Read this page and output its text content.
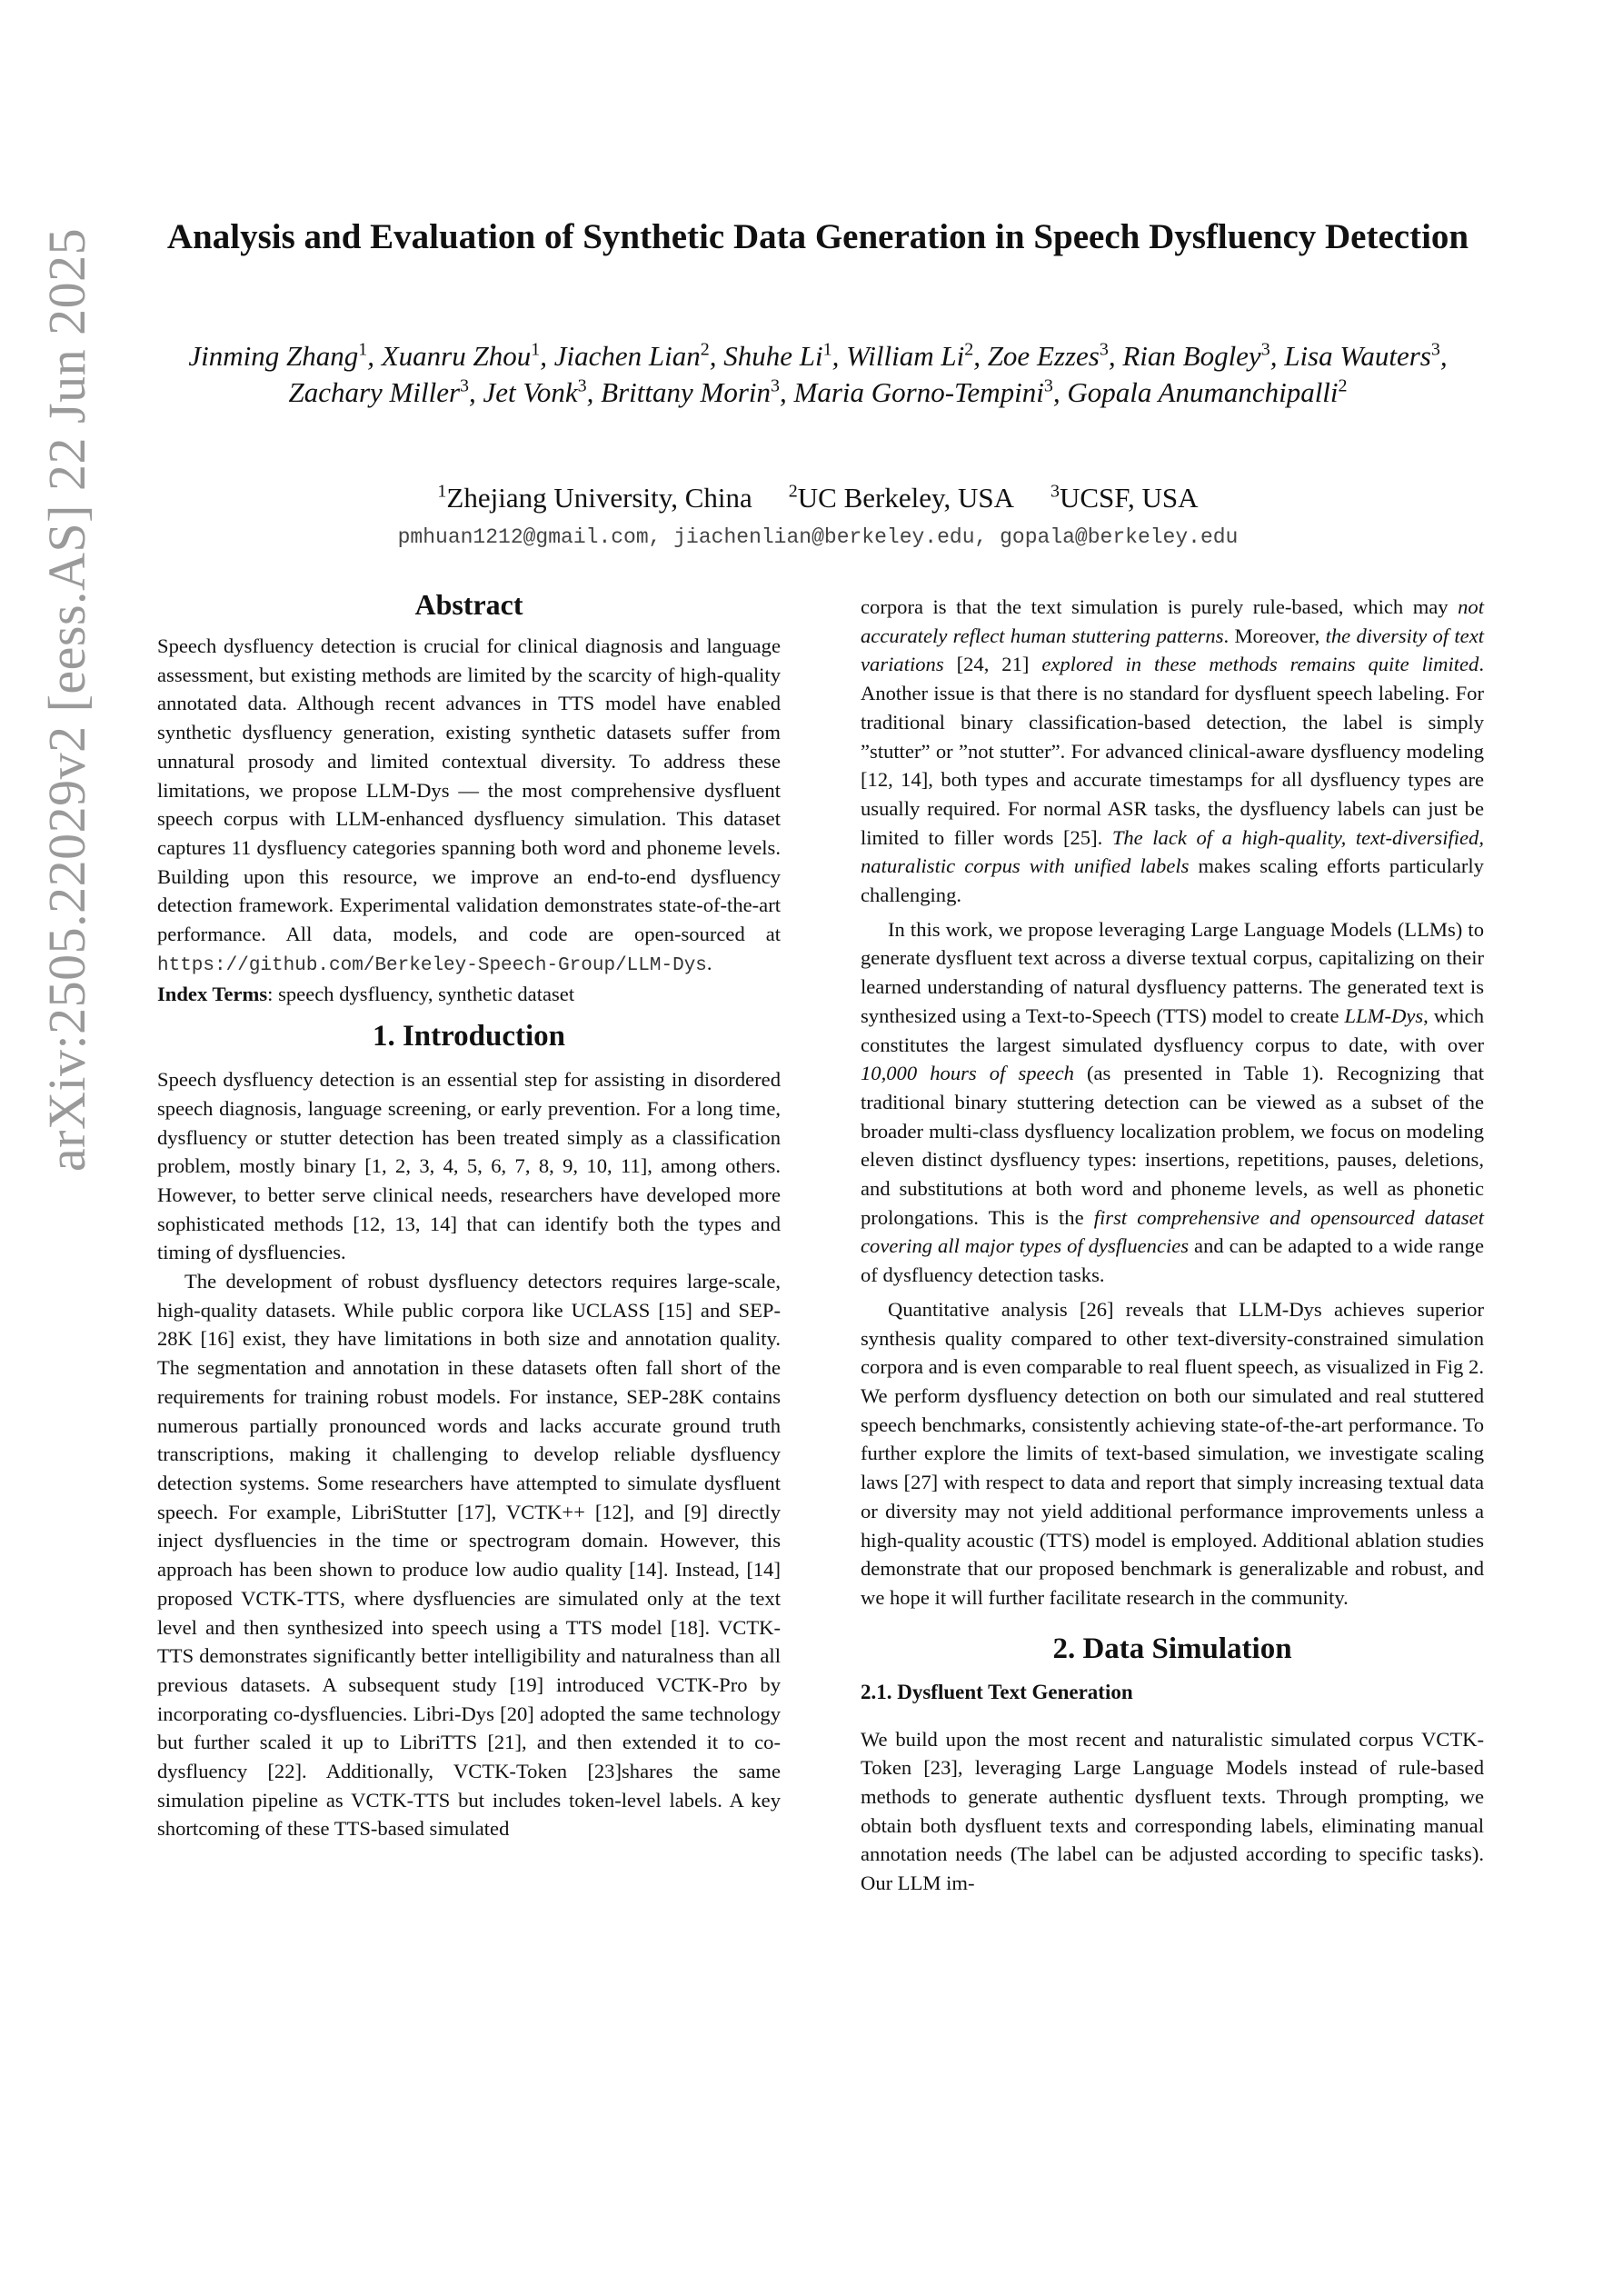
arXiv:2505.22029v2 [eess.AS] 22 Jun 2025 Analysis and Evaluation of Synthetic Data Generation in Speech Dysfluency Detection
Jinming Zhang$^1$, Xuanru Zhou$^1$, Jiachen Lian$^2$, Shuhe Li$^1$, William Li$^2$, Zoe Ezzes$^3$, Rian Bogley$^3$, Lisa Wauters$^3$, Zachary Miller$^3$, Jet Vonk$^3$, Brittany Morin$^3$, Maria Gorno-Tempini$^3$, Gopala Anumanchipalli$^2$
$^1$Zhejiang University, China $^2$UC Berkeley, USA $^3$UCSF, USA
pmhuan1212@gmail.com, jiachenlian@berkeley.edu, gopala@berkeley.edu
Abstract

Speech dysfluency detection is crucial for clinical diagnosis and language assessment, but existing methods are limited by the scarcity of high-quality annotated data. Although recent advances in TTS model have enabled synthetic dysfluency generation, existing synthetic datasets suffer from unnatural prosody and limited contextual diversity. To address these limitations, we propose LLM-Dys — the most comprehensive dysfluent speech corpus with LLM-enhanced dysfluency simulation. This dataset captures 11 dysfluency categories spanning both word and phoneme levels. Building upon this resource, we improve an end-to-end dysfluency detection framework. Experimental validation demonstrates state-of-the-art performance. All data, models, and code are open-sourced at https://github.com/Berkeley-Speech-Group/LLM-Dys.

Index Terms: speech dysfluency, synthetic dataset

1. Introduction

Speech dysfluency detection is an essential step for assisting in disordered speech diagnosis, language screening, or early prevention. For a long time, dysfluency or stutter detection has been treated simply as a classification problem, mostly binary [1, 2, 3, 4, 5, 6, 7, 8, 9, 10, 11], among others. However, to better serve clinical needs, researchers have developed more sophisticated methods [12, 13, 14] that can identify both the types and timing of dysfluencies.

The development of robust dysfluency detectors requires large-scale, high-quality datasets. While public corpora like UCLASS [15] and SEP-28K [16] exist, they have limitations in both size and annotation quality. The segmentation and annotation in these datasets often fall short of the requirements for training robust models. For instance, SEP-28K contains numerous partially pronounced words and lacks accurate ground truth transcriptions, making it challenging to develop reliable dysfluency detection systems. Some researchers have attempted to simulate dysfluent speech. For example, LibriStutter [17], VCTK++ [12], and [9] directly inject dysfluencies in the time or spectrogram domain. However, this approach has been shown to produce low audio quality [14]. Instead, [14] proposed VCTK-TTS, where dysfluencies are simulated only at the text level and then synthesized into speech using a TTS model [18]. VCTK-TTS demonstrates significantly better intelligibility and naturalness than all previous datasets. A subsequent study [19] introduced VCTK-Pro by incorporating co-dysfluencies. Libri-Dys [20] adopted the same technology but further scaled it up to LibriTTS [21], and then extended it to co-dysfluency [22]. Additionally, VCTK-Token [23]shares the same simulation pipeline as VCTK-TTS but includes token-level labels. A key shortcoming of these TTS-based simulated

corpora is that the text simulation is purely rule-based, which may not accurately reflect human stuttering patterns. Moreover, the diversity of text variations [24, 21] explored in these methods remains quite limited. Another issue is that there is no standard for dysfluent speech labeling. For traditional binary classification-based detection, the label is simply ”stutter” or ”not stutter”. For advanced clinical-aware dysfluency modeling [12, 14], both types and accurate timestamps for all dysfluency types are usually required. For normal ASR tasks, the dysfluency labels can just be limited to filler words [25]. The lack of a high-quality, text-diversified, naturalistic corpus with unified labels makes scaling efforts particularly challenging.

In this work, we propose leveraging Large Language Models (LLMs) to generate dysfluent text across a diverse textual corpus, capitalizing on their learned understanding of natural dysfluency patterns. The generated text is synthesized using a Text-to-Speech (TTS) model to create LLM-Dys, which constitutes the largest simulated dysfluency corpus to date, with over 10,000 hours of speech (as presented in Table 1). Recognizing that traditional binary stuttering detection can be viewed as a subset of the broader multi-class dysfluency localization problem, we focus on modeling eleven distinct dysfluency types: insertions, repetitions, pauses, deletions, and substitutions at both word and phoneme levels, as well as phonetic prolongations. This is the first comprehensive and opensourced dataset covering all major types of dysfluencies and can be adapted to a wide range of dysfluency detection tasks.

Quantitative analysis [26] reveals that LLM-Dys achieves superior synthesis quality compared to other text-diversity-constrained simulation corpora and is even comparable to real fluent speech, as visualized in Fig 2. We perform dysfluency detection on both our simulated and real stuttered speech benchmarks, consistently achieving state-of-the-art performance. To further explore the limits of text-based simulation, we investigate scaling laws [27] with respect to data and report that simply increasing textual data or diversity may not yield additional performance improvements unless a high-quality acoustic (TTS) model is employed. Additional ablation studies demonstrate that our proposed benchmark is generalizable and robust, and we hope it will further facilitate research in the community.

2. Data Simulation
2.1. Dysfluent Text Generation

We build upon the most recent and naturalistic simulated corpus VCTK-Token [23], leveraging Large Language Models instead of rule-based methods to generate authentic dysfluent texts. Through prompting, we obtain both dysfluent texts and corresponding labels, eliminating manual annotation needs (The label can be adjusted according to specific tasks). Our LLM im-
